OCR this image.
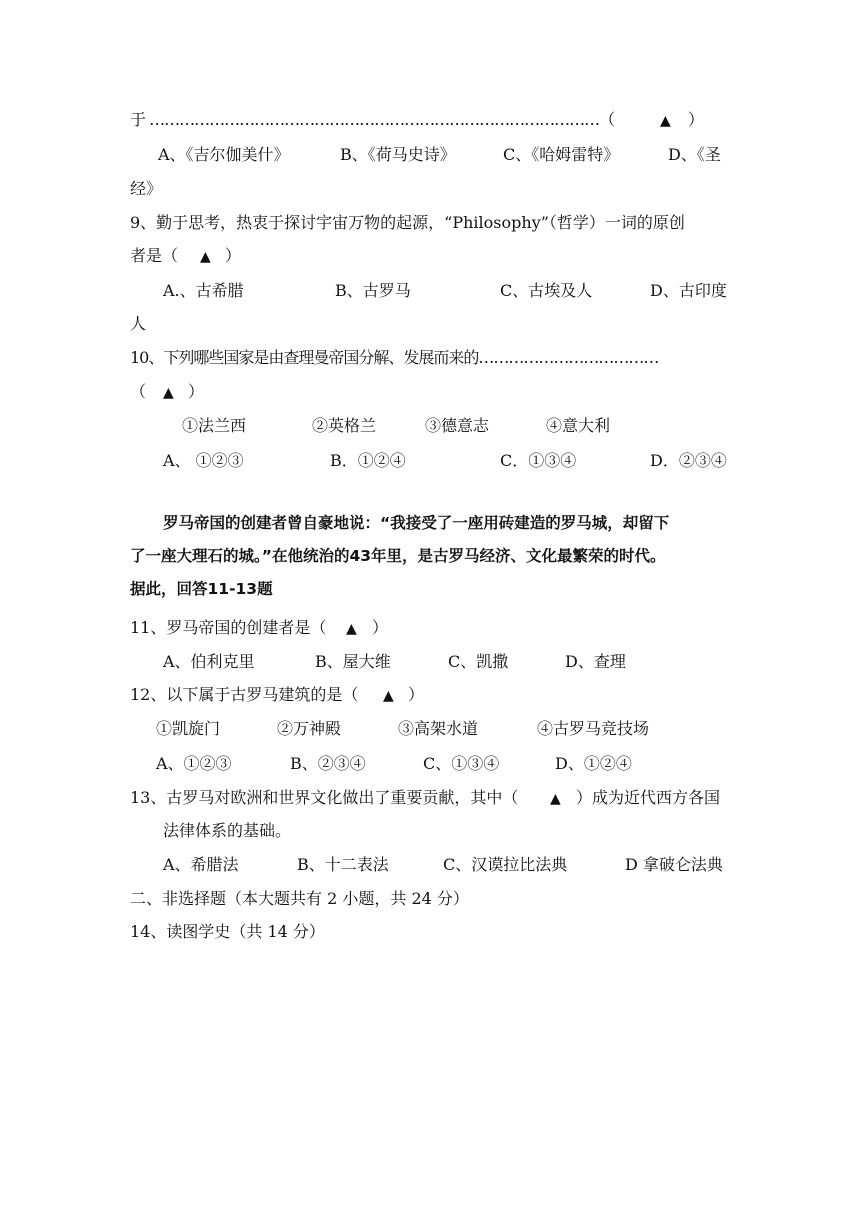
于 ………………………………………………………………………………（	▲ ）
A、《吉尔伽美什》	B、《荷马史诗》	C、《哈姆雷特》	D、《圣
经》
9、勤于思考，热衷于探讨宇宙万物的起源，“Philosophy”（哲学）一词的原创
者是（ ▲ ）
A.、古希腊	B、古罗马	C、古埃及人	D、古印度
人
10、下列哪些国家是由查理曼帝国分解、发展而来的………………………………
（ ▲ ）
①法兰西	②英格兰	③德意志	④意大利
A、 ①②③	B．①②④	C．①③④	D．②③④
罗马帝国的创建者曾自豪地说：“我接受了一座用砖建造的罗马城，却留下
了一座大理石的城。”在他统治的43年里，是古罗马经济、文化最繁荣的时代。
据此，回答11-13题
11、罗马帝国的创建者是（ ▲ ）
A、伯利克里	B、屋大维	C、凯撒	D、查理
12、以下属于古罗马建筑的是（ ▲ ）
①凯旋门	②万神殿	③高架水道	④古罗马竞技场
A、①②③	B、②③④	C、①③④	D、①②④
13、古罗马对欧洲和世界文化做出了重要贡献，其中（ ▲ ）成为近代西方各国
法律体系的基础。
A、希腊法	B、十二表法	C、汉谟拉比法典	D 拿破仑法典
二、非选择题（本大题共有 2 小题，共 24 分）
14、读图学史（共 14 分）
